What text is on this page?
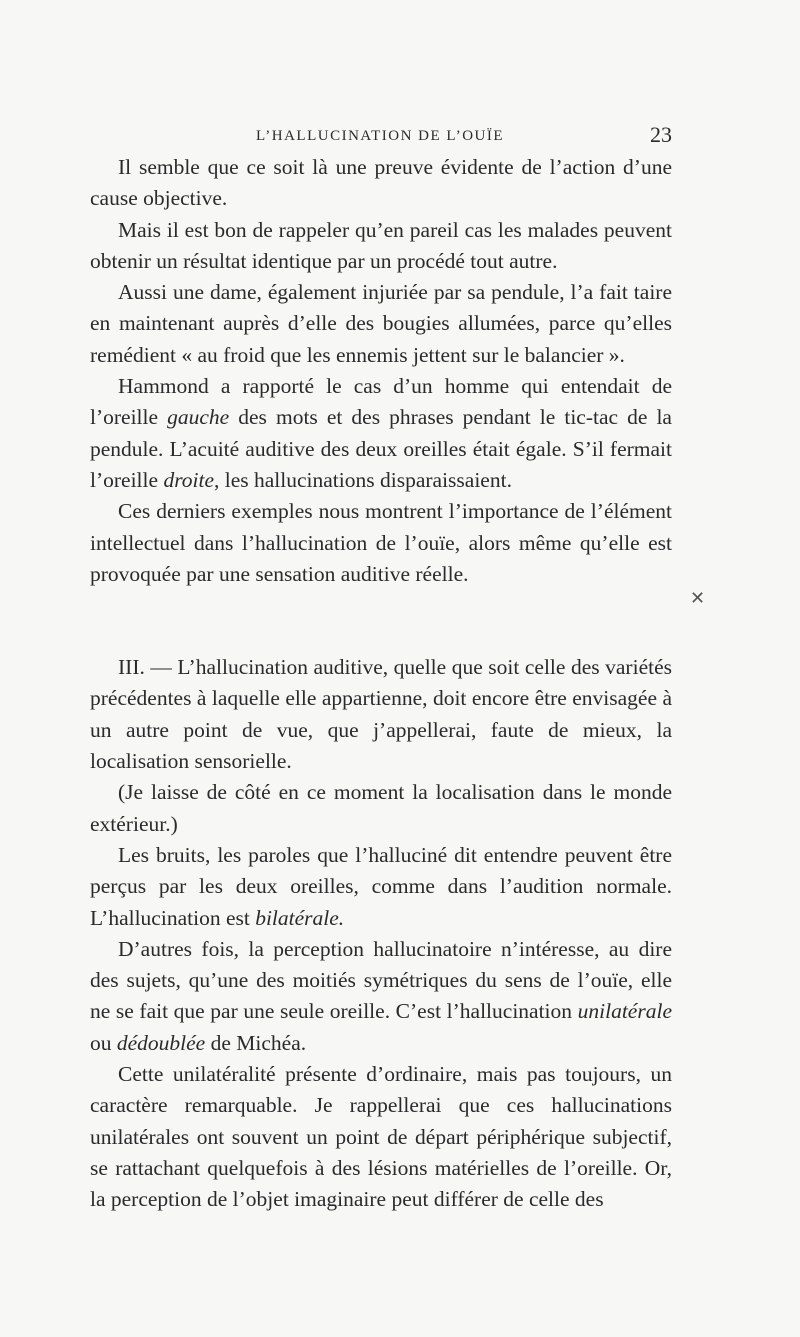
L’HALLUCINATION DE L’OUÏE	23

Il semble que ce soit là une preuve évidente de l’action d’une cause objective.

Mais il est bon de rappeler qu’en pareil cas les malades peuvent obtenir un résultat identique par un procédé tout autre.

Aussi une dame, également injuriée par sa pendule, l’a fait taire en maintenant auprès d’elle des bougies allumées, parce qu’elles remédient « au froid que les ennemis jettent sur le balancier ».

Hammond a rapporté le cas d’un homme qui entendait de l’oreille gauche des mots et des phrases pendant le tic-tac de la pendule. L’acuité auditive des deux oreilles était égale. S’il fermait l’oreille droite, les hallucinations disparaissaient.

Ces derniers exemples nous montrent l’importance de l’élément intellectuel dans l’hallucination de l’ouïe, alors même qu’elle est provoquée par une sensation auditive réelle.

III. — L’hallucination auditive, quelle que soit celle des variétés précédentes à laquelle elle appartienne, doit encore être envisagée à un autre point de vue, que j’appellerai, faute de mieux, la localisation sensorielle.

(Je laisse de côté en ce moment la localisation dans le monde extérieur.)

Les bruits, les paroles que l’halluciné dit entendre peuvent être perçus par les deux oreilles, comme dans l’audition normale. L’hallucination est bilatérale.

D’autres fois, la perception hallucinatoire n’intéresse, au dire des sujets, qu’une des moitiés symétriques du sens de l’ouïe, elle ne se fait que par une seule oreille. C’est l’hallucination unilatérale ou dédoublée de Michéa.

Cette unilatéralité présente d’ordinaire, mais pas toujours, un caractère remarquable. Je rappellerai que ces hallucinations unilatérales ont souvent un point de départ périphérique subjectif, se rattachant quelquefois à des lésions matérielles de l’oreille. Or, la perception de l’objet imaginaire peut différer de celle des

✕
